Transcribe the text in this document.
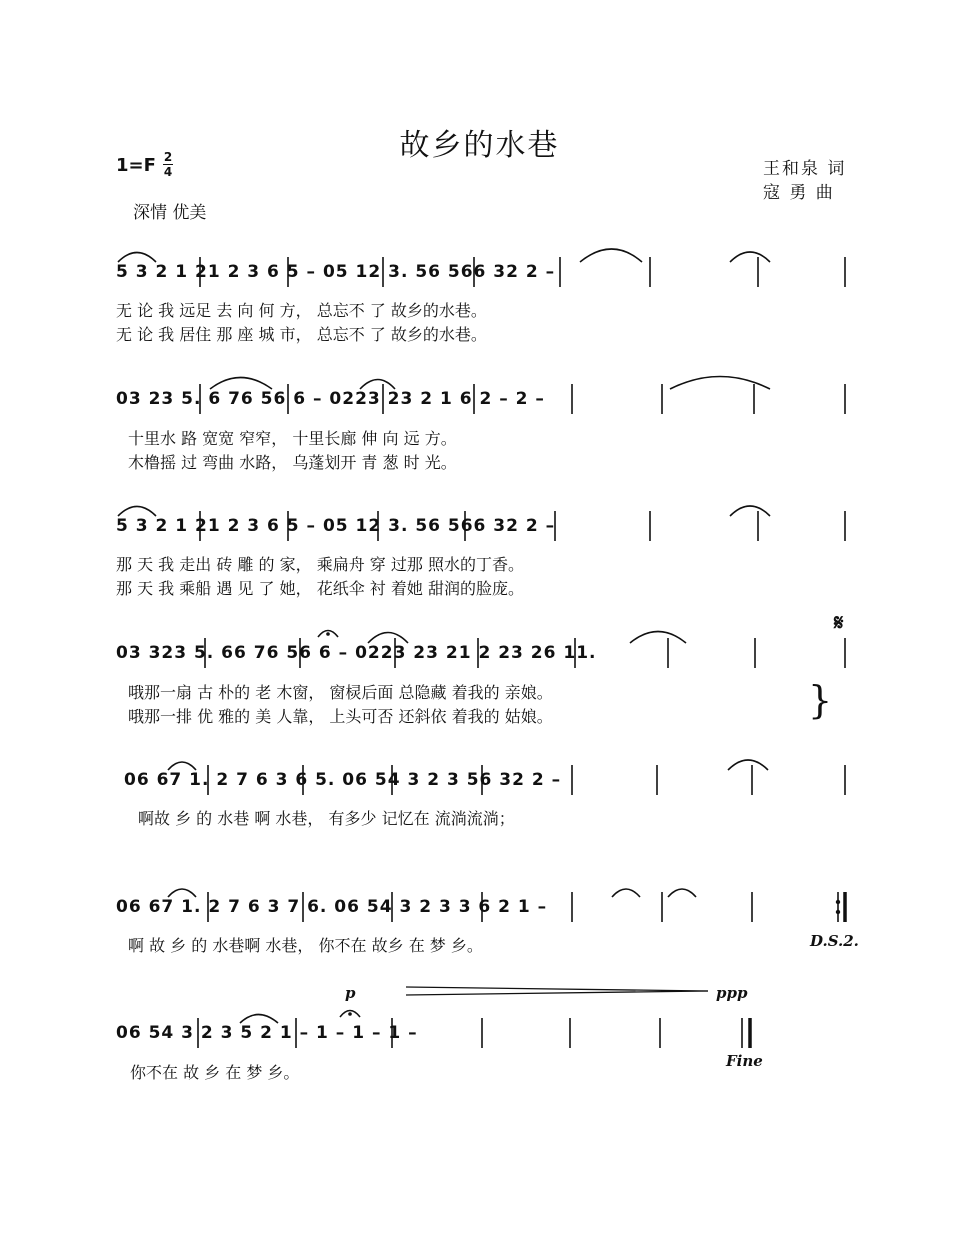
故乡的水巷
1=F 2
4
深情 优美
王和泉 词
寇 勇 曲
5 3 2 1 21 2 3 6 5 – 05 12 3. 56 566 32 2 –
无 论 我 远足 去 向 何 方， 总忘不 了 故乡的水巷。
无 论 我 居住 那 座 城 市， 总忘不 了 故乡的水巷。
03 23 5. 6 76 56 6 – 0223 23 2 1 6 2 – 2 –
十里水 路 宽宽 窄窄， 十里长廊 伸 向 远 方。
木橹摇 过 弯曲 水路， 乌蓬划开 青 葱 时 光。
5 3 2 1 21 2 3 6 5 – 05 12 3. 56 566 32 2 –
那 天 我 走出 砖 雕 的 家， 乘扁舟 穿 过那 照水的丁香。
那 天 我 乘船 遇 见 了 她， 花纸伞 衬 着她 甜润的脸庞。
03 323 5. 66 76 56 6 – 0223 23 21 2 23 26 11.
哦那一扇 古 朴的 老 木窗， 窗棂后面 总隐藏 着我的 亲娘。
哦那一排 优 雅的 美 人靠， 上头可否 还斜依 着我的 姑娘。
06 67 1. 2 7 6 3 6 5. 06 54 3 2 3 56 32 2 –
啊故 乡 的 水巷 啊 水巷， 有多少 记忆在 流淌流淌；
06 67 1. 2 7 6 3 7 6. 06 54 3 2 3 3 6 2 1 –
啊 故 乡 的 水巷啊 水巷， 你不在 故乡 在 梦 乡。
06 54 3 2 3 5 2 1 – 1 – 1 – 1 –
你不在 故 乡 在 梦 乡。
𝄋
}
D.S.2.
Fine
p	ppp
